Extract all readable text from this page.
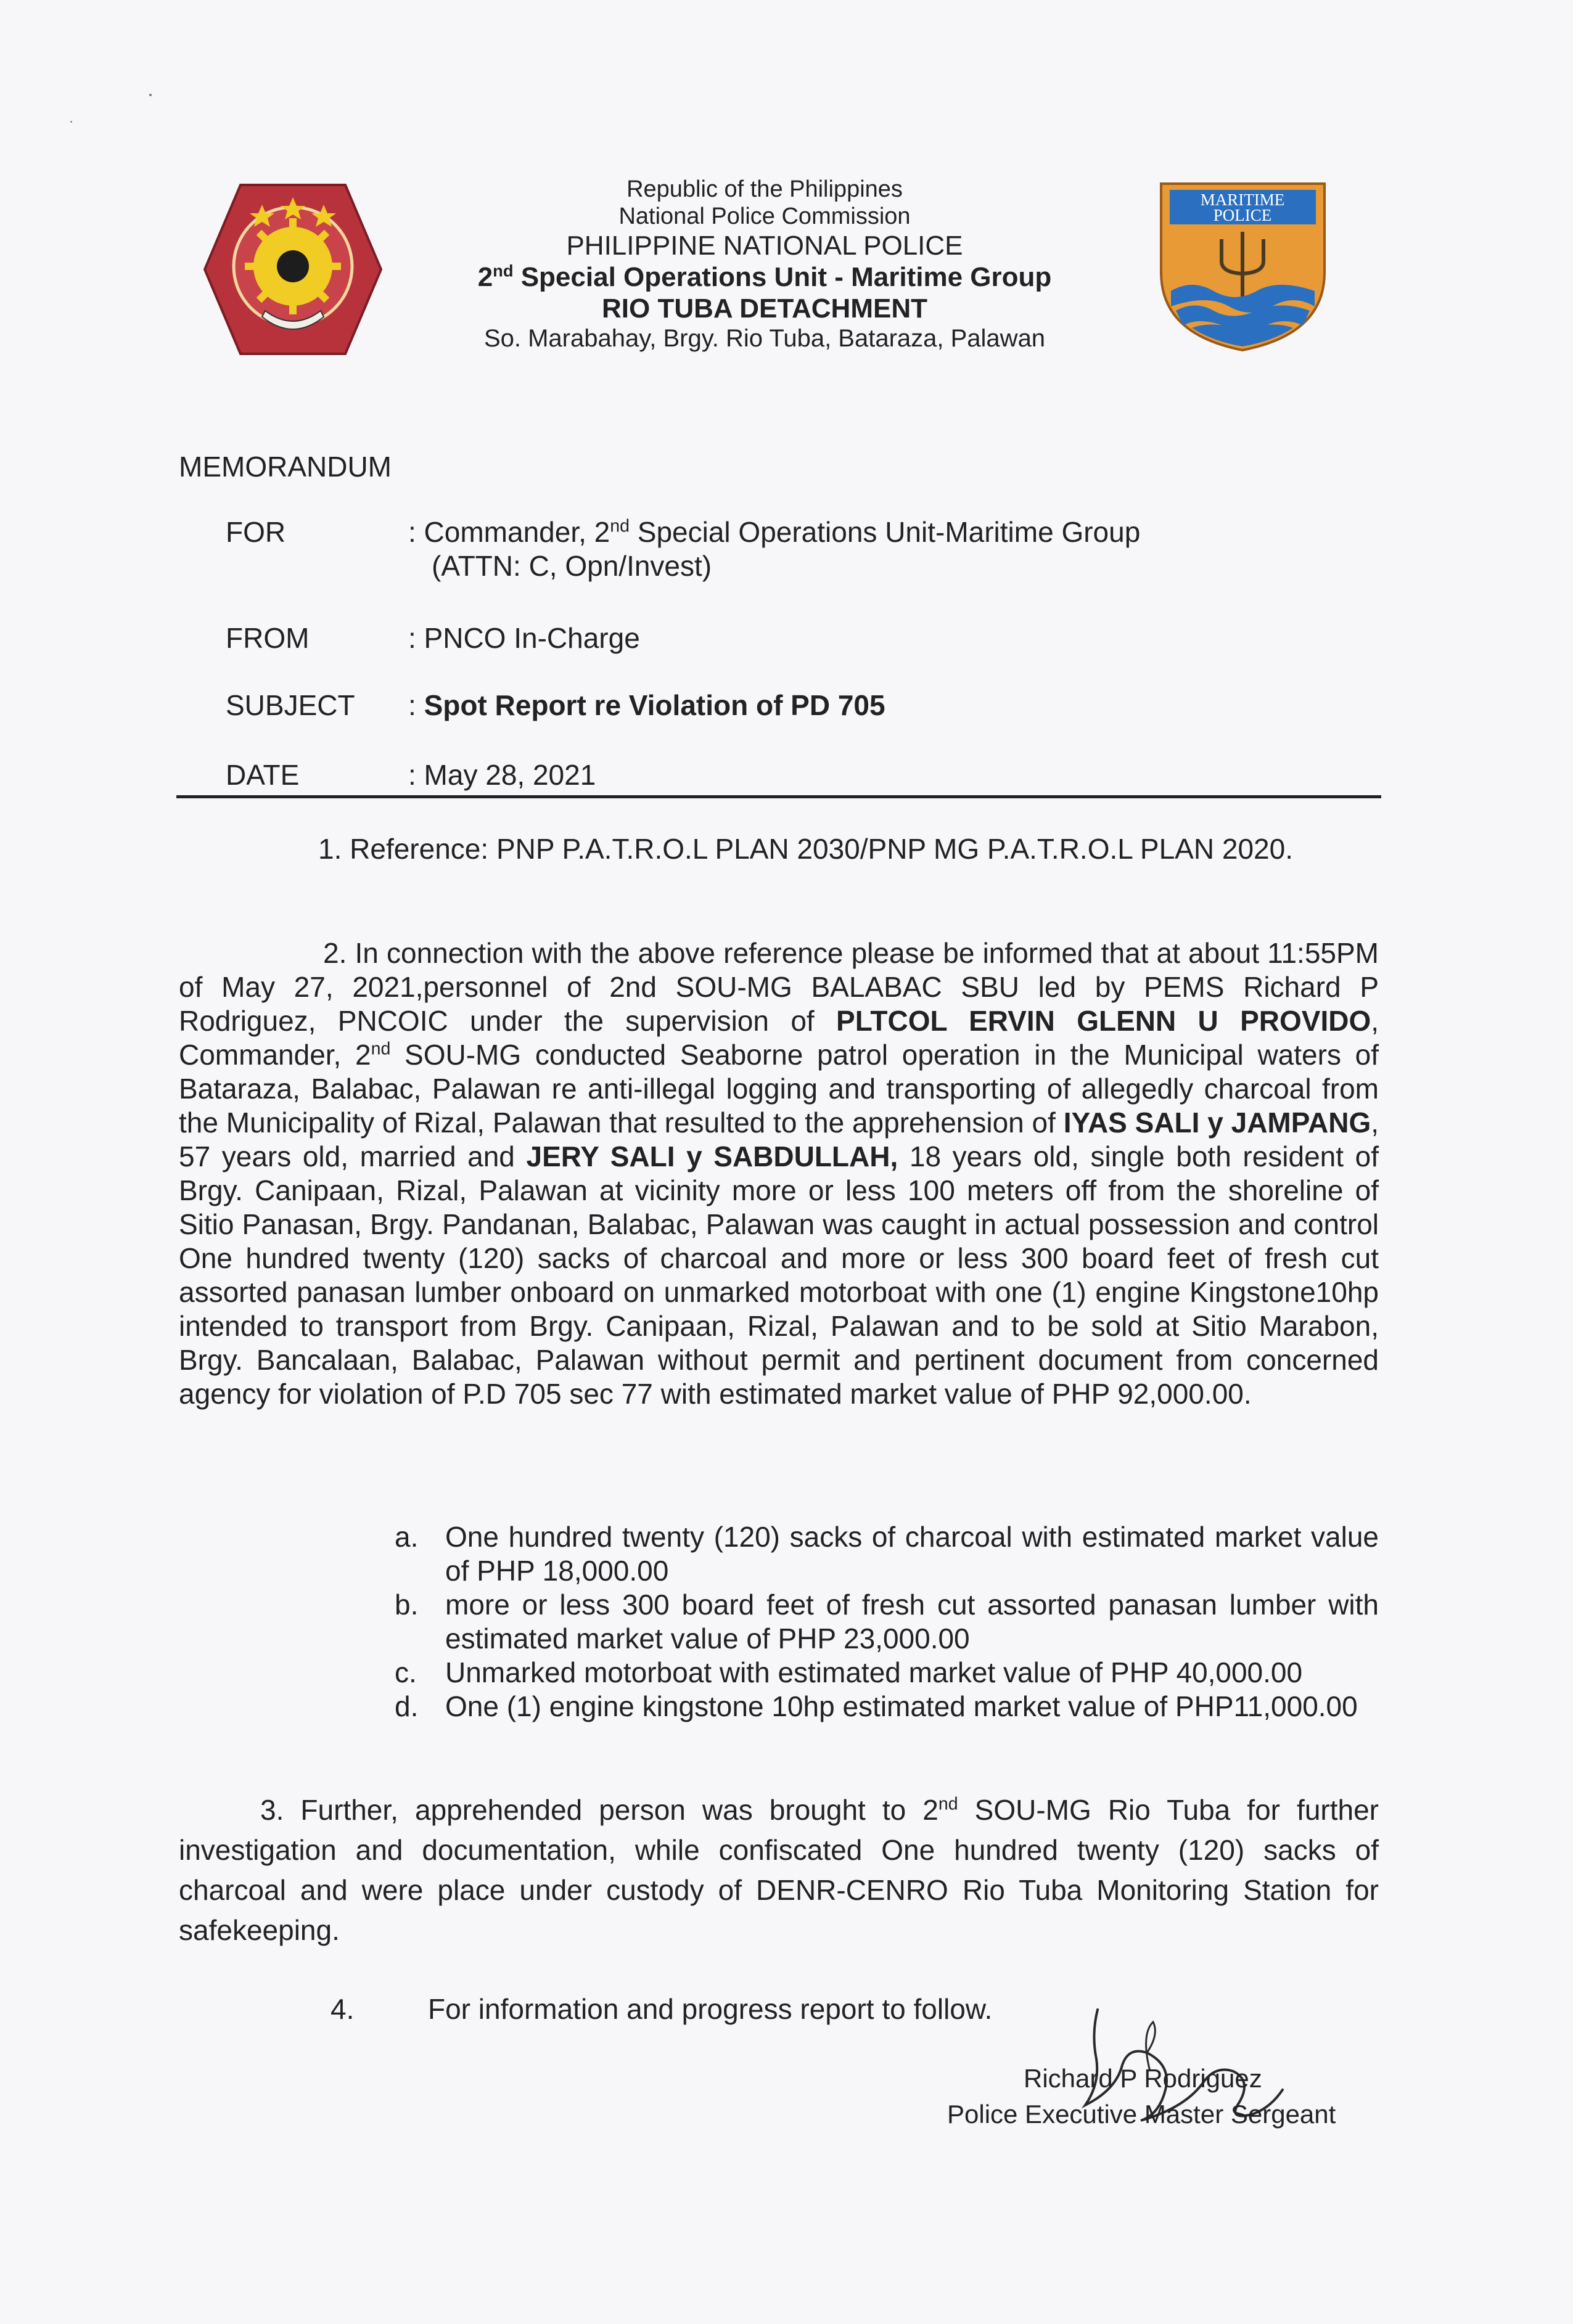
Republic of the Philippines
National Police Commission
PHILIPPINE NATIONAL POLICE
2nd Special Operations Unit - Maritime Group
RIO TUBA DETACHMENT
So. Marabahay, Brgy. Rio Tuba, Bataraza, Palawan
MARITIME
POLICE
MEMORANDUM
FOR	: Commander, 2nd Special Operations Unit-Maritime Group
(ATTN: C, Opn/Invest)
FROM	: PNCO In-Charge
SUBJECT : Spot Report re Violation of PD 705
DATE	: May 28, 2021
1. Reference: PNP P.A.T.R.O.L PLAN 2030/PNP MG P.A.T.R.O.L PLAN 2020.
2. In connection with the above reference please be informed that at about 11:55PM of May 27, 2021,personnel of 2nd SOU-MG BALABAC SBU led by PEMS Richard P Rodriguez, PNCOIC under the supervision of PLTCOL ERVIN GLENN U PROVIDO, Commander, 2nd SOU-MG conducted Seaborne patrol operation in the Municipal waters of Bataraza, Balabac, Palawan re anti-illegal logging and transporting of allegedly charcoal from the Municipality of Rizal, Palawan that resulted to the apprehension of IYAS SALI y JAMPANG, 57 years old, married and JERY SALI y SABDULLAH, 18 years old, single both resident of Brgy. Canipaan, Rizal, Palawan at vicinity more or less 100 meters off from the shoreline of Sitio Panasan, Brgy. Pandanan, Balabac, Palawan was caught in actual possession and control One hundred twenty (120) sacks of charcoal and more or less 300 board feet of fresh cut assorted panasan lumber onboard on unmarked motorboat with one (1) engine Kingstone10hp intended to transport from Brgy. Canipaan, Rizal, Palawan and to be sold at Sitio Marabon, Brgy. Bancalaan, Balabac, Palawan without permit and pertinent document from concerned agency for violation of P.D 705 sec 77 with estimated market value of PHP 92,000.00.
a. One hundred twenty (120) sacks of charcoal with estimated market value of PHP 18,000.00
b. more or less 300 board feet of fresh cut assorted panasan lumber with estimated market value of PHP 23,000.00
c.	Unmarked motorboat with estimated market value of PHP 40,000.00
d. One (1) engine kingstone 10hp estimated market value of PHP11,000.00
3. Further, apprehended person was brought to 2nd SOU-MG Rio Tuba for further investigation and documentation, while confiscated One hundred twenty (120) sacks of charcoal and were place under custody of DENR-CENRO Rio Tuba Monitoring Station for safekeeping.
4.	For information and progress report to follow.
Richard P Rodriguez
Police Executive Master Sergeant
